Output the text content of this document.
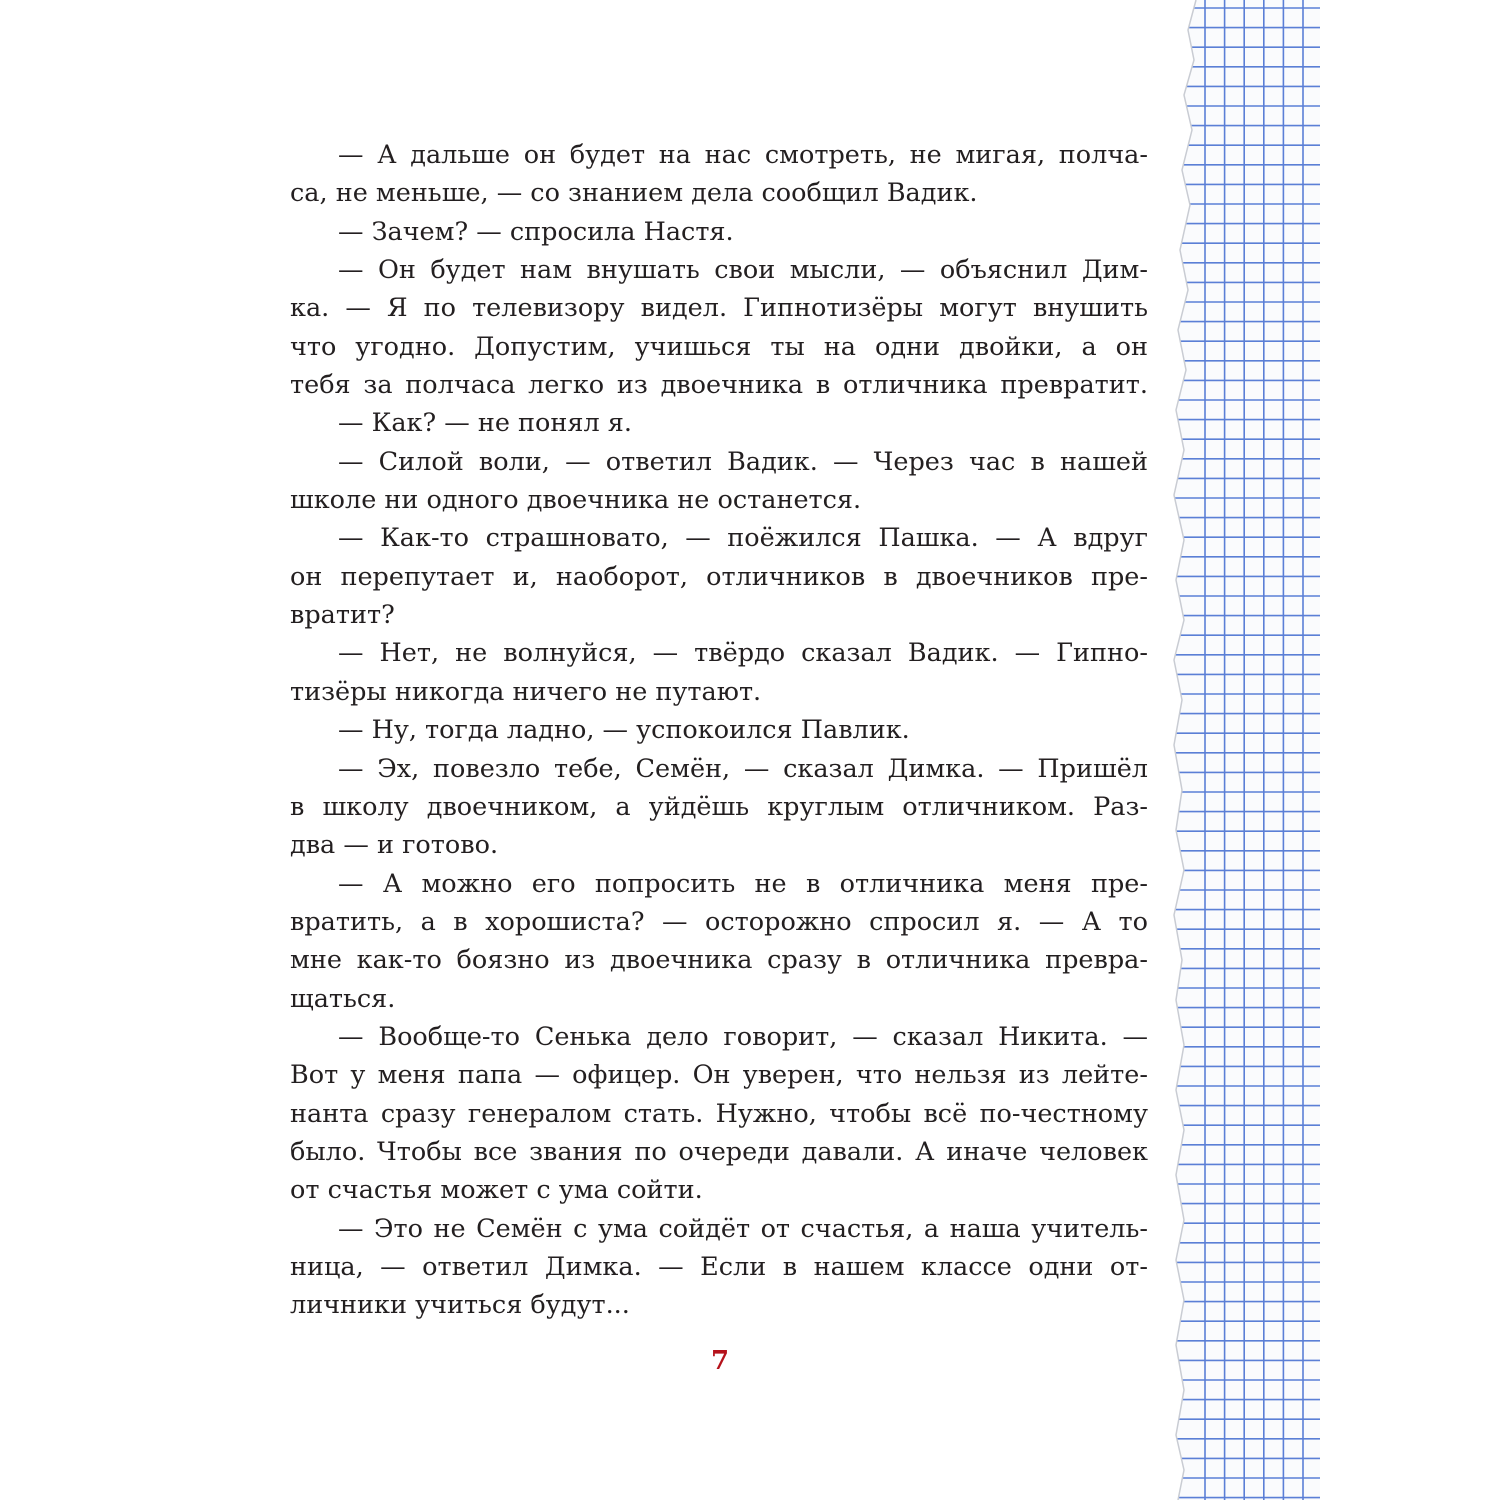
— А дальше он будет на нас смотреть, не мигая, полча-
са, не меньше, — со знанием дела сообщил Вадик.
— Зачем? — спросила Настя.
— Он будет нам внушать свои мысли, — объяснил Дим-
ка. — Я по телевизору видел. Гипнотизёры могут внушить
что угодно. Допустим, учишься ты на одни двойки, а он
тебя за полчаса легко из двоечника в отличника превратит.
— Как? — не понял я.
— Силой воли, — ответил Вадик. — Через час в нашей
школе ни одного двоечника не останется.
— Как-то страшновато, — поёжился Пашка. — А вдруг
он перепутает и, наоборот, отличников в двоечников пре-
вратит?
— Нет, не волнуйся, — твёрдо сказал Вадик. — Гипно-
тизёры никогда ничего не путают.
— Ну, тогда ладно, — успокоился Павлик.
— Эх, повезло тебе, Семён, — сказал Димка. — Пришёл
в школу двоечником, а уйдёшь круглым отличником. Раз-
два — и готово.
— А можно его попросить не в отличника меня пре-
вратить, а в хорошиста? — осторожно спросил я. — А то
мне как-то боязно из двоечника сразу в отличника превра-
щаться.
— Вообще-то Сенька дело говорит, — сказал Никита. —
Вот у меня папа — офицер. Он уверен, что нельзя из лейте-
нанта сразу генералом стать. Нужно, чтобы всё по-честному
было. Чтобы все звания по очереди давали. А иначе человек
от счастья может с ума сойти.
— Это не Семён с ума сойдёт от счастья, а наша учитель-
ница, — ответил Димка. — Если в нашем классе одни от-
личники учиться будут...
7
